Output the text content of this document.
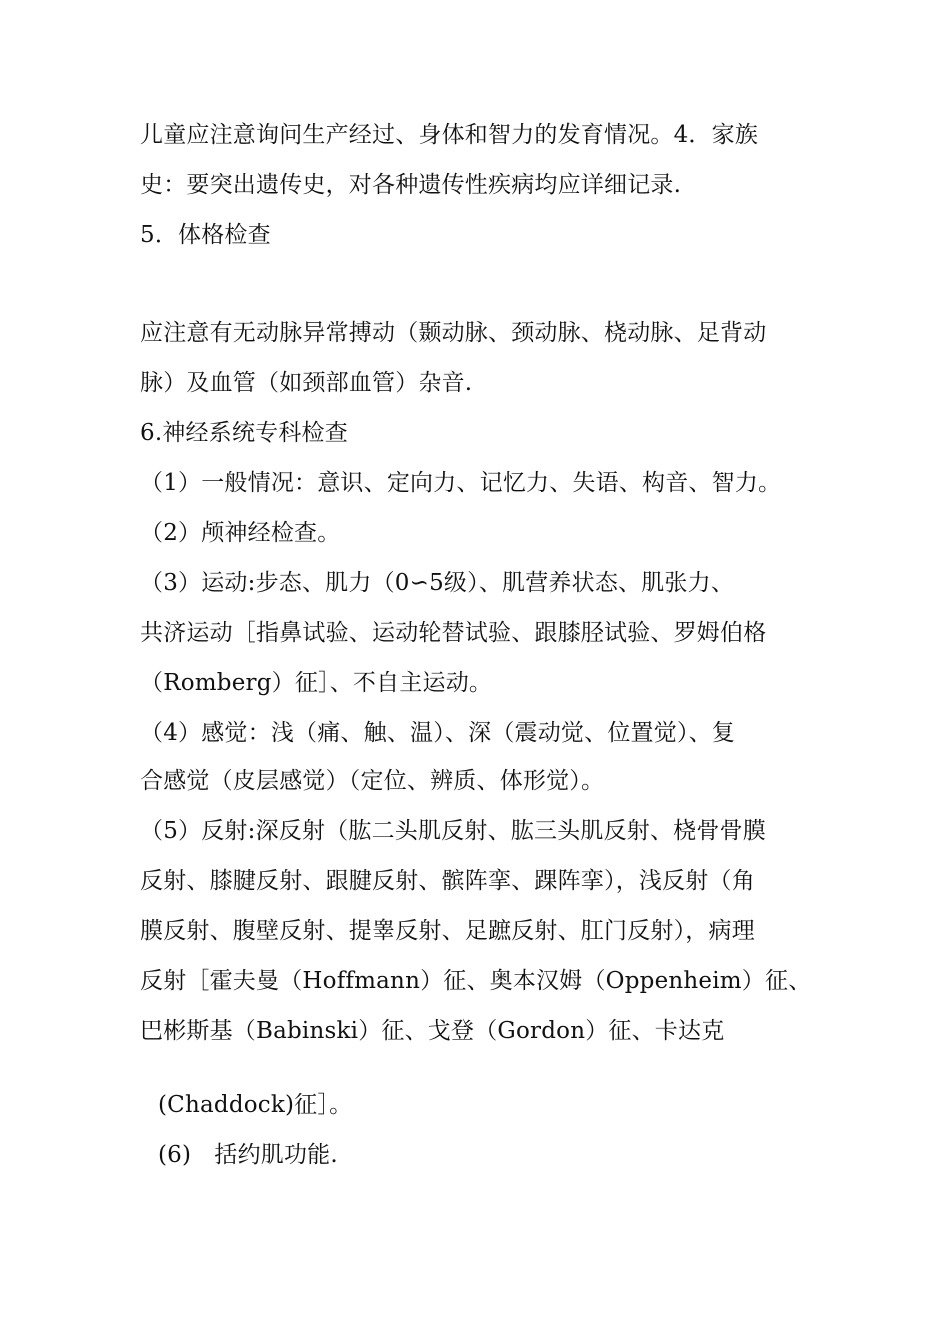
儿童应注意询问生产经过、身体和智力的发育情况。4．家族
史：要突出遗传史，对各种遗传性疾病均应详细记录.
5．体格检查
应注意有无动脉异常搏动（颞动脉、颈动脉、桡动脉、足背动
脉）及血管（如颈部血管）杂音.
6.神经系统专科检查
（1）一般情况：意识、定向力、记忆力、失语、构音、智力。
（2）颅神经检查。
（3）运动:步态、肌力（0∽5级）、肌营养状态、肌张力、
共济运动［指鼻试验、运动轮替试验、跟膝胫试验、罗姆伯格
（Romberg）征］、不自主运动。
（4）感觉：浅（痛、触、温）、深（震动觉、位置觉）、复
合感觉（皮层感觉）（定位、辨质、体形觉）。
（5）反射:深反射（肱二头肌反射、肱三头肌反射、桡骨骨膜
反射、膝腱反射、跟腱反射、髌阵挛、踝阵挛），浅反射（角
膜反射、腹壁反射、提睾反射、足蹠反射、肛门反射），病理
反射［霍夫曼（Hoffmann）征、奥本汉姆（Oppenheim）征、
巴彬斯基（Babinski）征、戈登（Gordon）征、卡达克
(Chaddock)征］。
(6)　括约肌功能.
